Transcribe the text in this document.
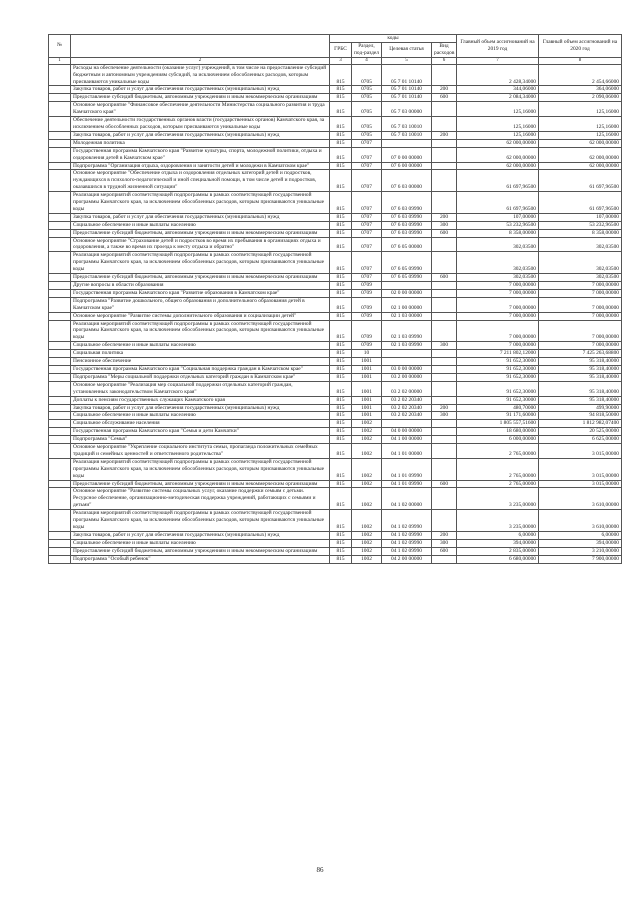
№		коды				Главный объем ассигнований на 2019 год	Главный объем ассигнований на 2020 год
		ГРБС	Раздел, под-раздел	Целевая статья	Вид расходов		
1	2	3	4	5	6	7	8
	Расходы на обеспечение деятельности (оказание услуг) учреждений, в том числе на предоставление субсидий бюджетным и автономным учреждениям субсидий, за исключением обособленных расходов, которым присваиваются уникальные коды	815	0705	05 7 01 10140		2 428,34000	2 454,66000
	Закупка товаров, работ и услуг для обеспечения государственных (муниципальных) нужд	815	0705	05 7 01 10140	200	344,06000	364,06000
	Предоставление субсидий бюджетным, автономным учреждениям и иным некоммерческим организациям	815	0705	05 7 01 10140	600	2 084,34000	2 090,06000
	Основное мероприятие "Финансовое обеспечение деятельности Министерства социального развития и труда Камчатского края"	815	0705	05 7 03 00000		125,16000	125,16000
	Обеспечение деятельности государственных органов власти (государственных органов) Камчатского края, за исключением обособленных расходов, которым присваиваются уникальные коды	815	0705	05 7 03 10010		125,16000	125,16000
	Закупка товаров, работ и услуг для обеспечения государственных (муниципальных) нужд	815	0705	05 7 03 10010	200	125,16000	125,16000
	Молодежная политика	815	0707			62 000,00000	62 000,00000
	Государственная программа Камчатского края "Развитие культуры, спорта, молодежной политики, отдыха и оздоровления детей в Камчатском крае"	815	0707	07 0 00 00000		62 000,00000	62 000,00000
	Подпрограмма "Организация отдыха, оздоровления и занятости детей и молодежи в Камчатском крае"	815	0707	07 6 00 00000		62 000,00000	62 000,00000
	Основное мероприятие "Обеспечение отдыха и оздоровления отдельных категорий детей и подростков, нуждающихся в психолого-педагогической и иной специальной помощи, в том числе детей и подростков, оказавшихся в трудной жизненной ситуации"	815	0707	07 6 03 00000		61 697,96500	61 697,96500
	Реализация мероприятий соответствующей подпрограммы в рамках соответствующей государственной программы Камчатского края, за исключением обособленных расходов, которым присваиваются уникальные коды	815	0707	07 6 03 09990		61 697,96500	61 697,96500
	Закупка товаров, работ и услуг для обеспечения государственных (муниципальных) нужд	815	0707	07 6 03 09990	200	107,00000	107,00000
	Социальное обеспечение и иные выплаты населению	815	0707	07 6 03 09990	300	53 232,96500	53 232,96500
	Предоставление субсидий бюджетным, автономным учреждениям и иным некоммерческим организациям	815	0707	07 6 03 09990	600	8 358,00000	8 358,00000
	Основное мероприятие "Страхование детей и подростков во время их пребывания в организациях отдыха и оздоровления, а также во время их проезда к месту отдыха и обратно"	815	0707	07 6 05 00000		302,03500	302,03500
	Реализация мероприятий соответствующей подпрограммы в рамках соответствующей государственной программы Камчатского края, за исключением обособленных расходов, которым присваиваются уникальные коды	815	0707	07 6 05 09990		302,03500	302,03500
	Предоставление субсидий бюджетным, автономным учреждениям и иным некоммерческим организациям	815	0707	07 6 05 09990	600	302,03500	302,03500
	Другие вопросы в области образования	815	0709			7 000,00000	7 000,00000
	Государственная программа Камчатского края "Развитие образования в Камчатском крае"	815	0709	02 0 00 00000		7 000,00000	7 000,00000
	Подпрограмма "Развитие дошкольного, общего образования и дополнительного образования детей в Камчатском крае"	815	0709	02 1 00 00000		7 000,00000	7 000,00000
	Основное мероприятие "Развитие системы дополнительного образования и социализации детей"	815	0709	02 1 03 00000		7 000,00000	7 000,00000
	Реализация мероприятий соответствующей подпрограммы в рамках соответствующей государственной программы Камчатского края, за исключением обособленных расходов, которым присваиваются уникальные коды	815	0709	02 1 03 09990		7 000,00000	7 000,00000
	Социальное обеспечение и иные выплаты населению	815	0709	02 1 03 09990	300	7 000,00000	7 000,00000
	Социальная политика	815	10			7 211 802,12000	7 425 263,68800
	Пенсионное обеспечение	815	1001			91 652,30000	95 318,40000
	Государственная программа Камчатского края "Социальная поддержка граждан в Камчатском крае"	815	1001	03 0 00 00000		91 652,30000	95 318,40000
	Подпрограмма "Меры социальной поддержки отдельных категорий граждан в Камчатском крае"	815	1001	03 2 00 00000		91 652,30000	95 318,40000
	Основное мероприятие "Реализация мер социальной поддержки отдельных категорий граждан, установленных законодательством Камчатского края"	815	1001	03 2 02 00000		91 652,30000	95 318,40000
	Доплаты к пенсиям государственных служащих Камчатского края	815	1001	03 2 02 20340		91 652,30000	95 318,40000
	Закупка товаров, работ и услуг для обеспечения государственных (муниципальных) нужд	815	1001	03 2 02 20340	200	480,70000	499,90000
	Социальное обеспечение и иные выплаты населению	815	1001	03 2 02 20340	300	91 171,60000	94 818,50000
	Социальное обслуживание населения	815	1002			1 805 557,51600	1 812 982,07400
	Государственная программа Камчатского края "Семья и дети Камчатки"	815	1002	04 0 00 00000		18 680,00000	20 525,00000
	Подпрограмма "Семья"	815	1002	04 1 00 00000		6 000,00000	6 625,00000
	Основное мероприятие "Укрепление социального института семьи, пропаганда положительных семейных традиций и семейных ценностей и ответственного родительства"	815	1002	04 1 01 00000		2 765,00000	3 015,00000
	Реализация мероприятий соответствующей подпрограммы в рамках соответствующей государственной программы Камчатского края, за исключением обособленных расходов, которым присваиваются уникальные коды	815	1002	04 1 01 09990		2 765,00000	3 015,00000
	Предоставление субсидий бюджетным, автономным учреждениям и иным некоммерческим организациям	815	1002	04 1 01 09990	600	2 765,00000	3 015,00000
	Основное мероприятие "Развитие системы социальных услуг, оказание поддержки семьям с детьми. Ресурсное обеспечение, организационно-методическая поддержка учреждений, работающих с семьями и детьми"	815	1002	04 1 02 00000		3 235,00000	3 610,00000
	Реализация мероприятий соответствующей подпрограммы в рамках соответствующей государственной программы Камчатского края, за исключением обособленных расходов, которым присваиваются уникальные коды	815	1002	04 1 02 09990		3 235,00000	3 610,00000
	Закупка товаров, работ и услуг для обеспечения государственных (муниципальных) нужд	815	1002	04 1 02 09990	200	6,00000	6,00000
	Социальное обеспечение и иные выплаты населению	815	1002	04 1 02 09990	300	394,00000	394,00000
	Предоставление субсидий бюджетным, автономным учреждениям и иным некоммерческим организациям	815	1002	04 1 02 09990	600	2 835,00000	3 210,00000
	Подпрограмма "Особый ребенок"	815	1002	04 2 00 00000		6 680,00000	7 900,00000
86
